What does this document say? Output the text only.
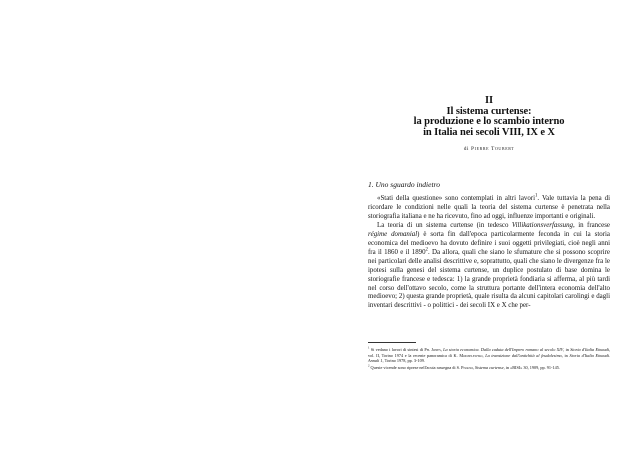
II
Il sistema curtense:
la produzione e lo scambio interno
in Italia nei secoli VIII, IX e X
di Pierre Toubert
1. Uno sguardo indietro

«Stati della questione» sono contemplati in altri lavori$^1$. Vale tuttavia la pena di ricordare le condizioni nelle quali la teoria del sistema curtense è penetrata nella storiografia italiana e ne ha ricevuto, fino ad oggi, influenze importanti e originali.

La teoria di un sistema curtense (in tedesco Villikationsverfassung, in francese régime domanial) è sorta fin dall'epoca particolarmente feconda in cui la storia economica del medioevo ha dovuto definire i suoi oggetti privilegiati, cioè negli anni fra il 1860 e il 1890$^2$. Da allora, quali che siano le sfumature che si possono scoprire nei particolari delle analisi descrittive e, soprattutto, quali che siano le divergenze fra le ipotesi sulla genesi del sistema curtense, un duplice postulato di base domina le storiografie francese e tedesca: 1) la grande proprietà fondiaria si afferma, al più tardi nel corso dell'ottavo secolo, come la struttura portante dell'intera economia dell'alto medioevo; 2) questa grande proprietà, quale risulta da alcuni capitolari carolingi e dagli inventari descrittivi - o polittici - dei secoli IX e X che per-

$^1$ Si vedano i lavori di sintesi di Ph. Jones, La storia economica. Dalla caduta dell'Impero romano al secolo XIV, in Storia d'Italia Einaudi, vol. II, Torino 1974 e la recente panoramica di K. Modzelewski, La transizione dall'antichità al feudalesimo, in Storia d'Italia Einaudi. Annali 1, Torino 1978, pp. 3-109.

$^2$ Queste vicende sono riprese nell'acuta rassegna di S. Pivano, Sistema curtense, in «BISI» 30, 1909, pp. 91-145.
